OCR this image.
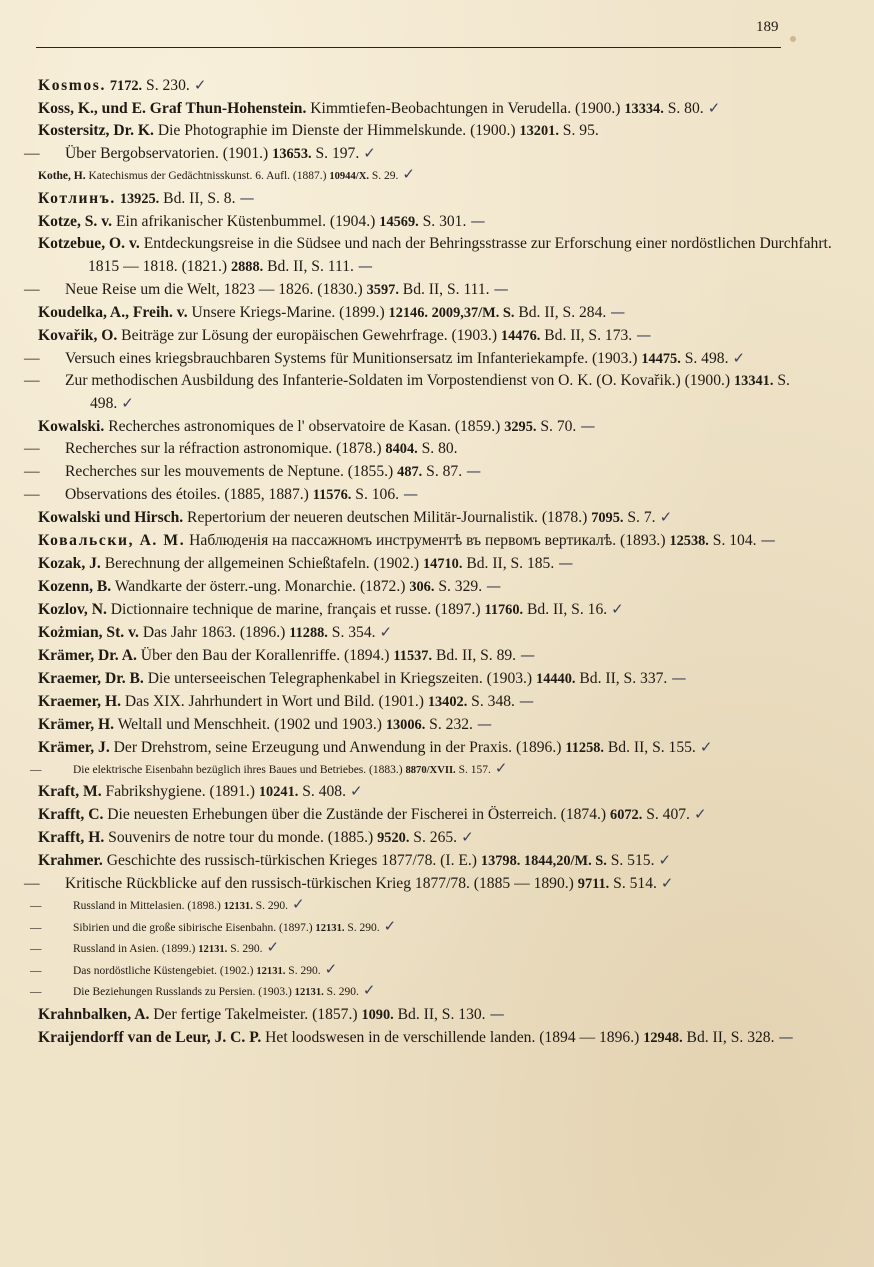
189

Kosmos. 7172. S. 230. ✓

Koss, K., und E. Graf Thun-Hohenstein. Kimmtiefen-Beobachtungen in Verudella. (1900.) 13334. S. 80. ✓

Kostersitz, Dr. K. Die Photographie im Dienste der Himmelskunde. (1900.) 13201. S. 95.

— Über Bergobservatorien. (1901.) 13653. S. 197. ✓

Kothe, H. Katechismus der Gedächtnisskunst. 6. Aufl. (1887.) 10944/X. S. 29. ✓

Котлинъ. 13925. Bd. II, S. 8. —

Kotze, S. v. Ein afrikanischer Küstenbummel. (1904.) 14569. S. 301. —

Kotzebue, O. v. Entdeckungsreise in die Südsee und nach der Behringsstrasse zur Erforschung einer nordöstlichen Durchfahrt. 1815 — 1818. (1821.) 2888. Bd. II, S. 111. —

— Neue Reise um die Welt, 1823 — 1826. (1830.) 3597. Bd. II, S. 111. —

Koudelka, A., Freih. v. Unsere Kriegs-Marine. (1899.) 12146. 2009,37/M. S. Bd. II, S. 284. —

Kovařik, O. Beiträge zur Lösung der europäischen Gewehrfrage. (1903.) 14476. Bd. II, S. 173. —

— Versuch eines kriegsbrauchbaren Systems für Munitionsersatz im Infanteriekampfe. (1903.) 14475. S. 498. ✓

— Zur methodischen Ausbildung des Infanterie-Soldaten im Vorpostendienst von O. K. (O. Kovařik.) (1900.) 13341. S. 498. ✓

Kowalski. Recherches astronomiques de l' observatoire de Kasan. (1859.) 3295. S. 70. —

— Recherches sur la réfraction astronomique. (1878.) 8404. S. 80.

— Recherches sur les mouvements de Neptune. (1855.) 487. S. 87. —

— Observations des étoiles. (1885, 1887.) 11576. S. 106. —

Kowalski und Hirsch. Repertorium der neueren deutschen Militär-Journalistik. (1878.) 7095. S. 7. ✓

Ковальски, А. М. Наблюденія на пассажномъ инструментѣ въ первомъ вертикалѣ. (1893.) 12538. S. 104. —

Kozak, J. Berechnung der allgemeinen Schießtafeln. (1902.) 14710. Bd. II, S. 185. —

Kozenn, B. Wandkarte der österr.-ung. Monarchie. (1872.) 306. S. 329. —

Kozlov, N. Dictionnaire technique de marine, français et russe. (1897.) 11760. Bd. II, S. 16. ✓

Kożmian, St. v. Das Jahr 1863. (1896.) 11288. S. 354. ✓

Krämer, Dr. A. Über den Bau der Korallenriffe. (1894.) 11537. Bd. II, S. 89. —

Kraemer, Dr. B. Die unterseeischen Telegraphenkabel in Kriegszeiten. (1903.) 14440. Bd. II, S. 337. —

Kraemer, H. Das XIX. Jahrhundert in Wort und Bild. (1901.) 13402. S. 348. —

Krämer, H. Weltall und Menschheit. (1902 und 1903.) 13006. S. 232. —

Krämer, J. Der Drehstrom, seine Erzeugung und Anwendung in der Praxis. (1896.) 11258. Bd. II, S. 155. ✓

—	Die elektrische Eisenbahn bezüglich ihres Baues und Betriebes. (1883.) 8870/XVII. S. 157. ✓

Kraft, M. Fabrikshygiene. (1891.) 10241. S. 408. ✓

Krafft, C. Die neuesten Erhebungen über die Zustände der Fischerei in Österreich. (1874.) 6072. S. 407. ✓

Krafft, H. Souvenirs de notre tour du monde. (1885.) 9520. S. 265. ✓

Krahmer. Geschichte des russisch-türkischen Krieges 1877/78. (I. E.) 13798. 1844,20/M. S. S. 515. ✓

— Kritische Rückblicke auf den russisch-türkischen Krieg 1877/78. (1885 — 1890.) 9711. S. 514. ✓

—	Russland in Mittelasien. (1898.) 12131. S. 290. ✓

—	Sibirien und die große sibirische Eisenbahn. (1897.) 12131. S. 290. ✓

—	Russland in Asien. (1899.) 12131. S. 290. ✓

—	Das nordöstliche Küstengebiet. (1902.) 12131. S. 290. ✓

—	Die Beziehungen Russlands zu Persien. (1903.) 12131. S. 290. ✓

Krahnbalken, A. Der fertige Takelmeister. (1857.) 1090. Bd. II, S. 130. —

Kraijendorff van de Leur, J. C. P. Het loodswesen in de verschillende landen. (1894 — 1896.) 12948. Bd. II, S. 328. —
